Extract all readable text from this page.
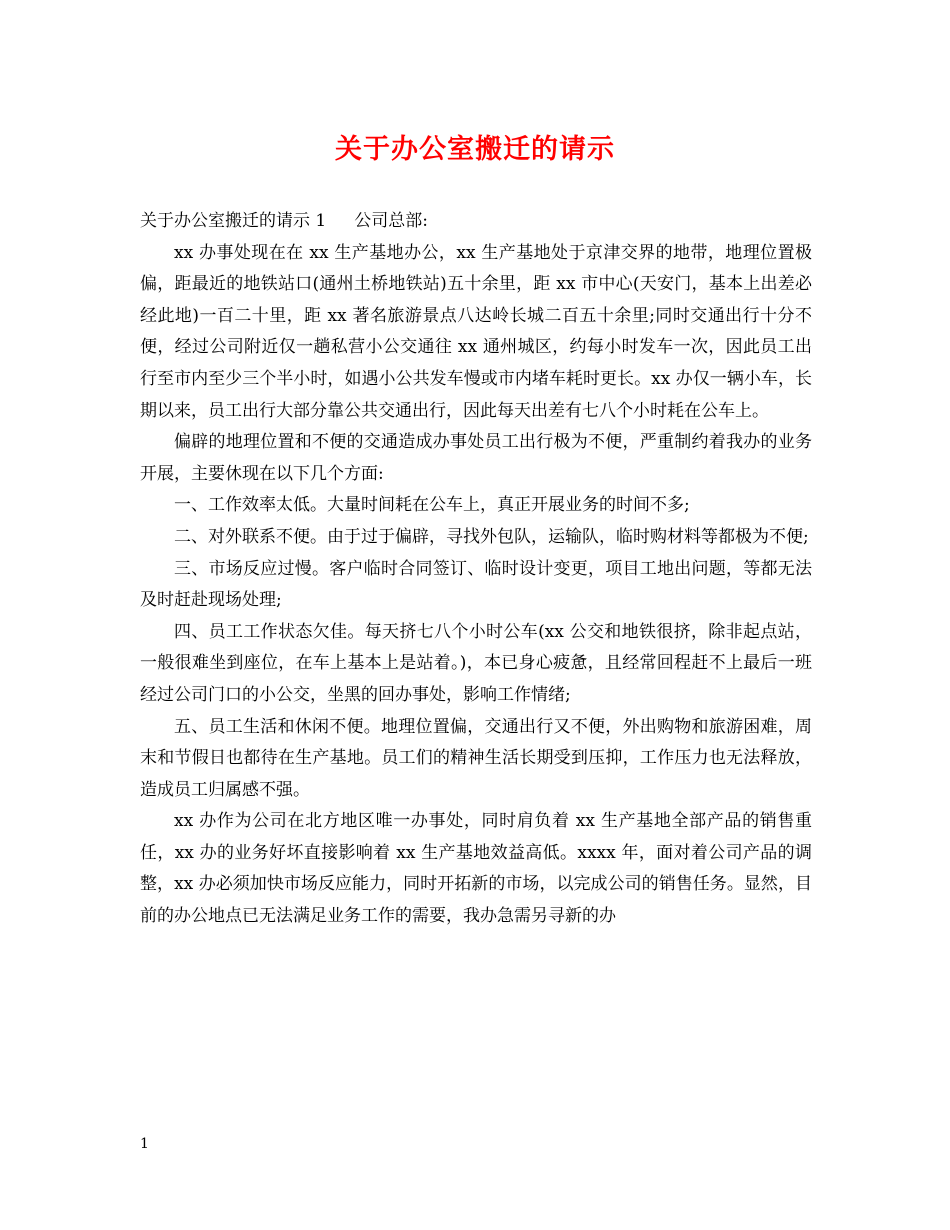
关于办公室搬迁的请示

关于办公室搬迁的请示 1 公司总部:

xx 办事处现在在 xx 生产基地办公，xx 生产基地处于京津交界的地带，地理位置极偏，距最近的地铁站口(通州土桥地铁站)五十余里，距 xx 市中心(天安门，基本上出差必经此地)一百二十里，距 xx 著名旅游景点八达岭长城二百五十余里;同时交通出行十分不便，经过公司附近仅一趟私营小公交通往 xx 通州城区，约每小时发车一次，因此员工出行至市内至少三个半小时，如遇小公共发车慢或市内堵车耗时更长。xx 办仅一辆小车，长期以来，员工出行大部分靠公共交通出行，因此每天出差有七八个小时耗在公车上。

偏辟的地理位置和不便的交通造成办事处员工出行极为不便，严重制约着我办的业务开展，主要休现在以下几个方面:

一、工作效率太低。大量时间耗在公车上，真正开展业务的时间不多;

二、对外联系不便。由于过于偏辟，寻找外包队，运输队，临时购材料等都极为不便;

三、市场反应过慢。客户临时合同签订、临时设计变更，项目工地出问题，等都无法及时赶赴现场处理;

四、员工工作状态欠佳。每天挤七八个小时公车(xx 公交和地铁很挤，除非起点站，一般很难坐到座位，在车上基本上是站着。)，本已身心疲惫，且经常回程赶不上最后一班经过公司门口的小公交，坐黑的回办事处，影响工作情绪;

五、员工生活和休闲不便。地理位置偏，交通出行又不便，外出购物和旅游困难，周末和节假日也都待在生产基地。员工们的精神生活长期受到压抑，工作压力也无法释放，造成员工归属感不强。

xx 办作为公司在北方地区唯一办事处，同时肩负着 xx 生产基地全部产品的销售重任，xx 办的业务好坏直接影响着 xx 生产基地效益高低。xxxx 年，面对着公司产品的调整，xx 办必须加快市场反应能力，同时开拓新的市场，以完成公司的销售任务。显然，目前的办公地点已无法满足业务工作的需要，我办急需另寻新的办

1
